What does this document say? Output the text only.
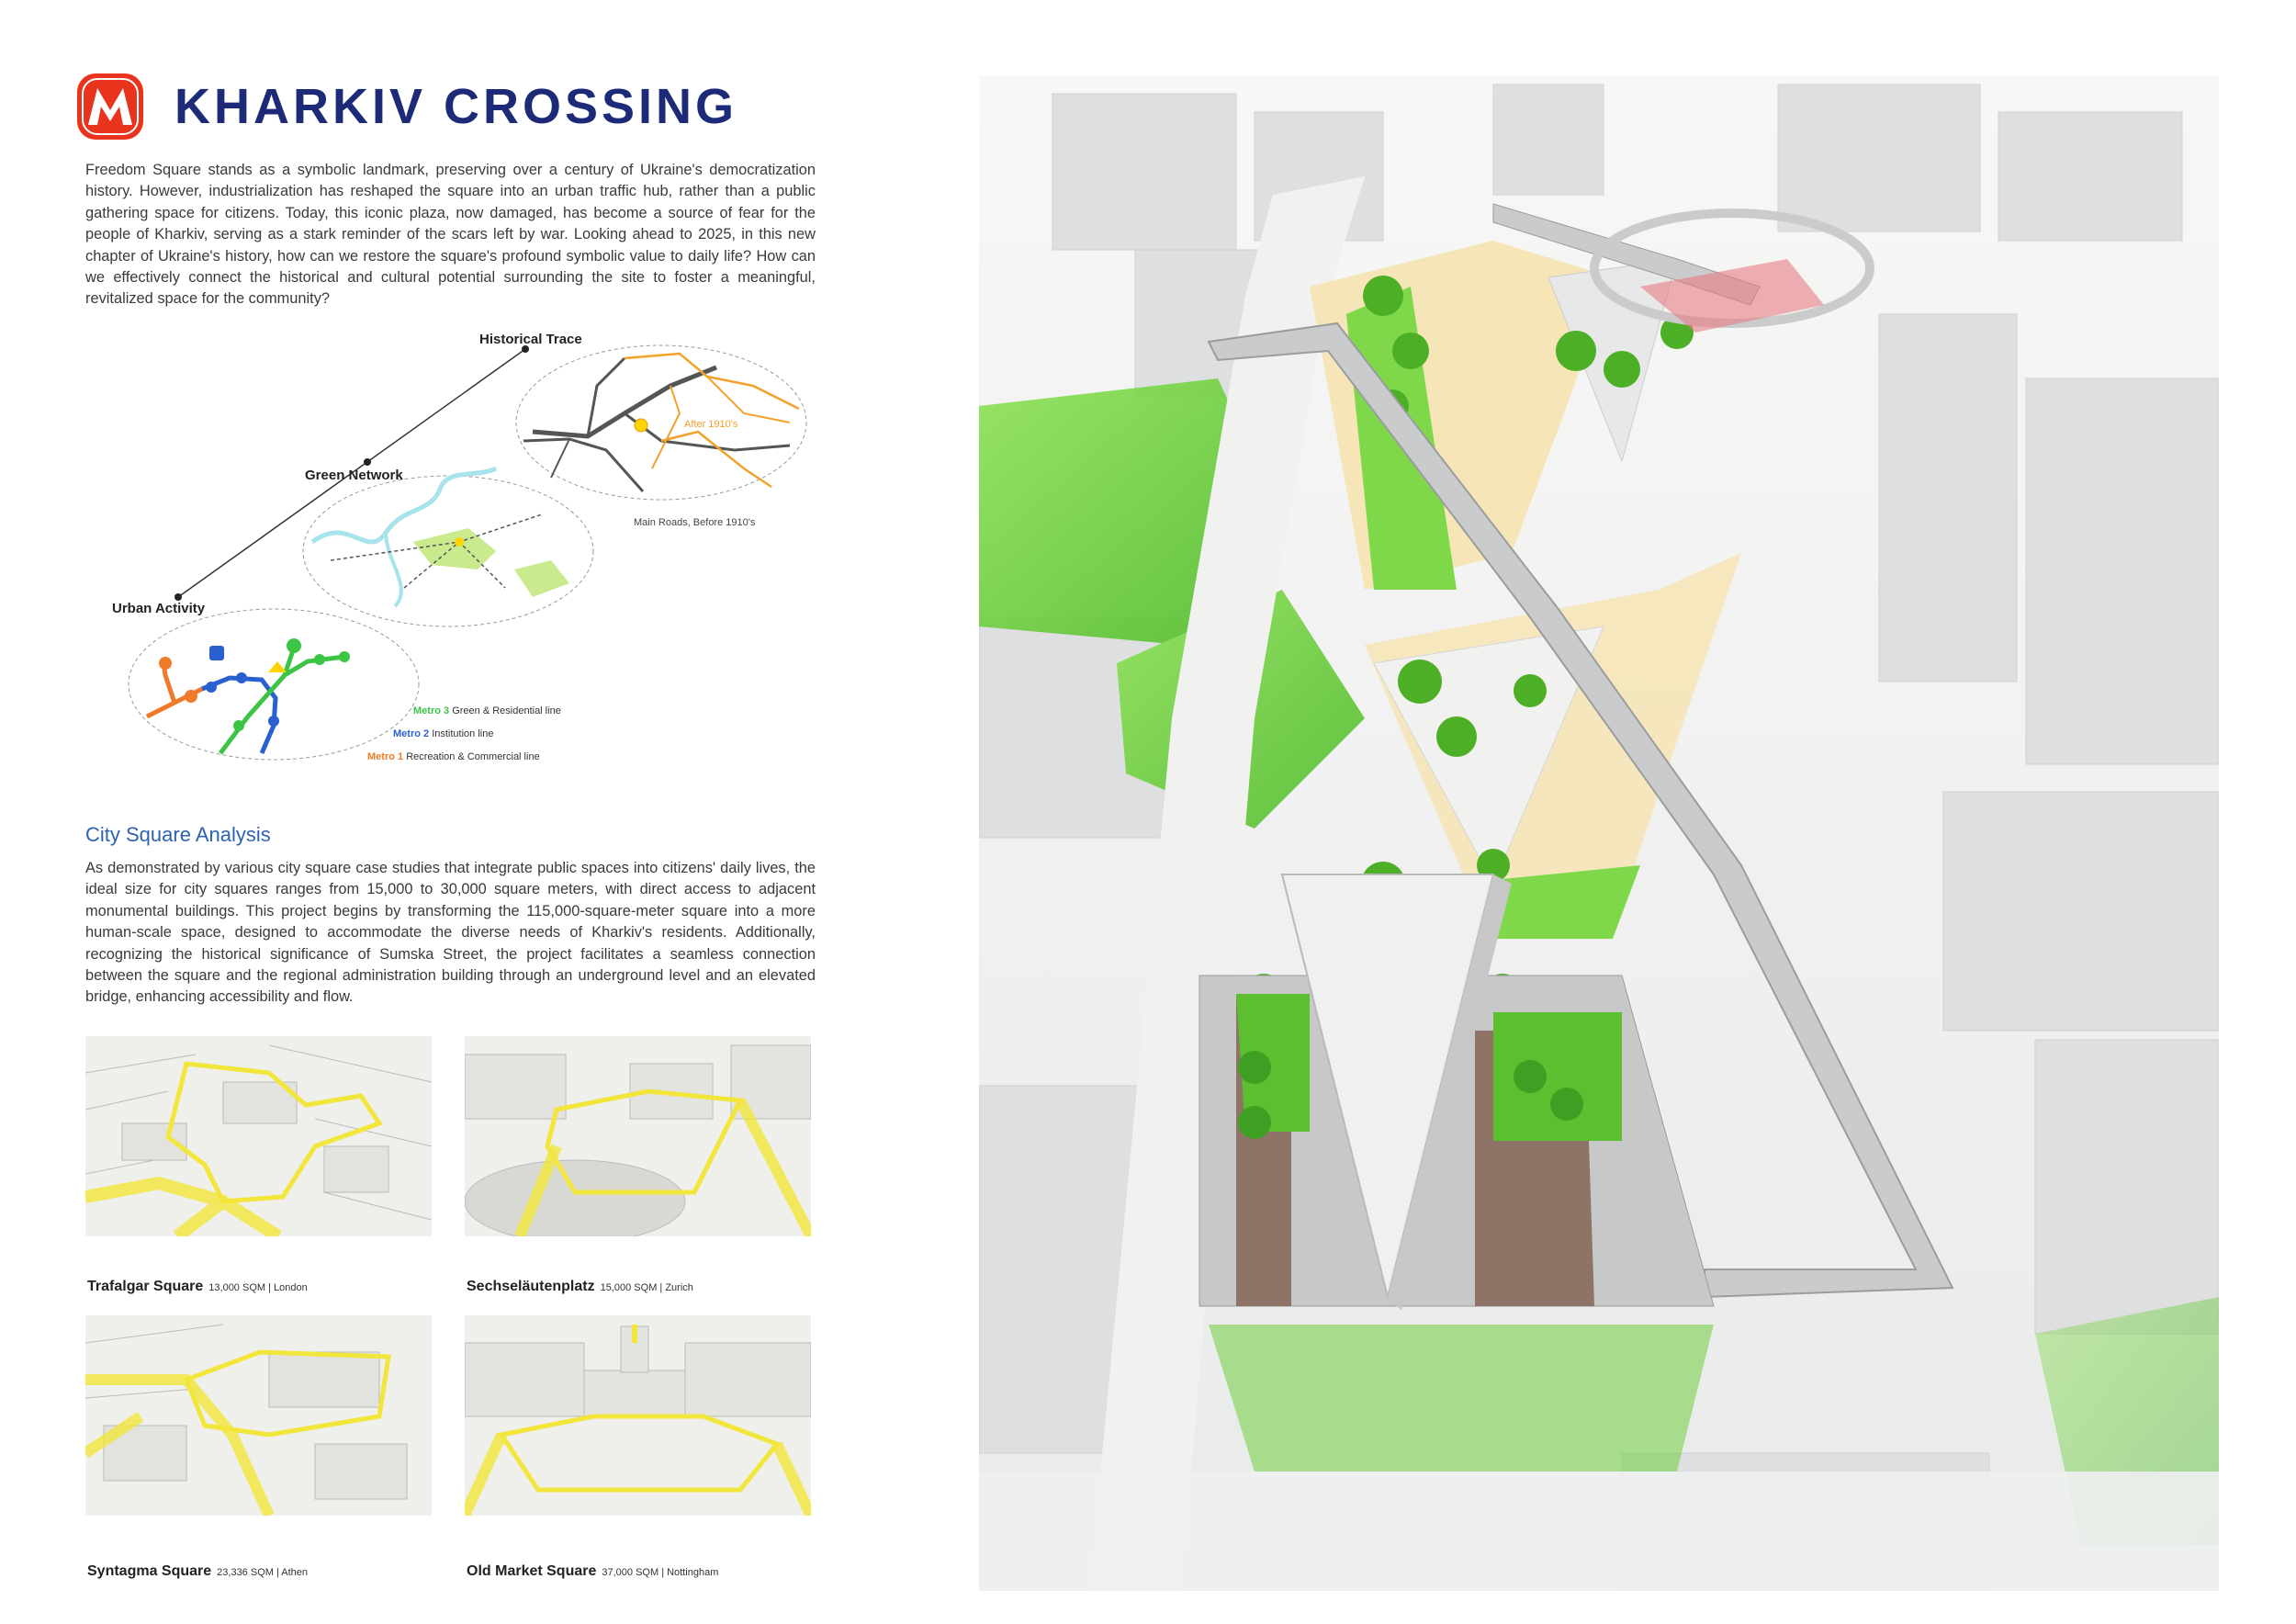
KHARKIV CROSSING
Freedom Square stands as a symbolic landmark, preserving over a century of Ukraine's democratization history. However, industrialization has reshaped the square into an urban traffic hub, rather than a public gathering space for citizens. Today, this iconic plaza, now damaged, has become a source of fear for the people of Kharkiv, serving as a stark reminder of the scars left by war. Looking ahead to 2025, in this new chapter of Ukraine's history, how can we restore the square's profound symbolic value to daily life? How can we effectively connect the historical and cultural potential surrounding the site to foster a meaningful, revitalized space for the community?
Historical Trace
After 1910's
Main Roads, Before 1910's
Green Network
Urban Activity
Metro 3 Green & Residential line
Metro 2 Institution line
Metro 1 Recreation & Commercial line
City Square Analysis
As demonstrated by various city square case studies that integrate public spaces into citizens' daily lives, the ideal size for city squares ranges from 15,000 to 30,000 square meters, with direct access to adjacent monumental buildings. This project begins by transforming the 115,000-square-meter square into a more human-scale space, designed to accommodate the diverse needs of Kharkiv's residents. Additionally, recognizing the historical significance of Sumska Street, the project facilitates a seamless connection between the square and the regional administration building through an underground level and an elevated bridge, enhancing accessibility and flow.
Trafalgar Square 13,000 SQM | London	Sechseläutenplatz 15,000 SQM | Zurich
Syntagma Square 23,336 SQM | Athen	Old Market Square 37,000 SQM | Nottingham
